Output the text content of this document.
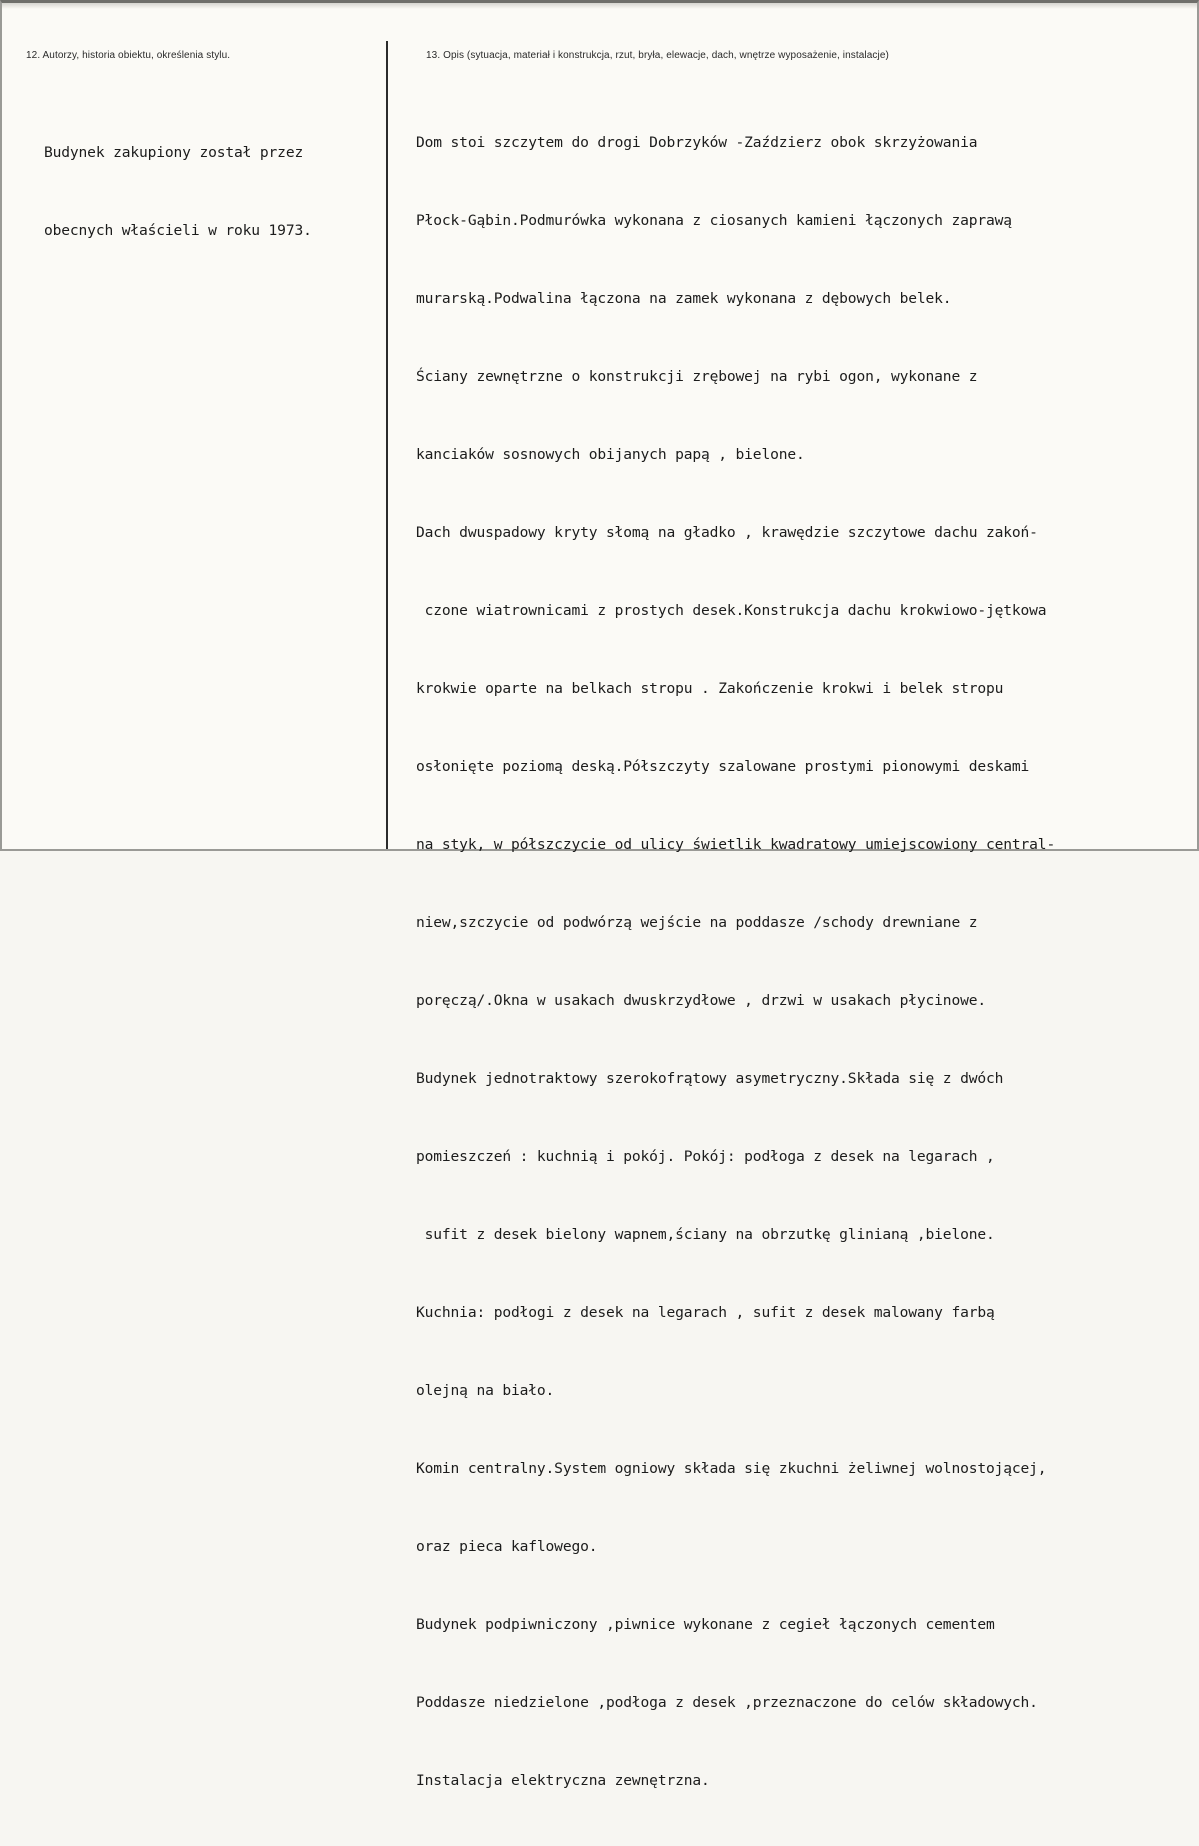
12. Autorzy, historia obiektu, określenia stylu.

Budynek zakupiony został przez

obecnych właścieli w roku 1973.

13. Opis (sytuacja, materiał i konstrukcja, rzut, bryła, elewacje, dach, wnętrze wyposażenie, instalacje)

Dom stoi szczytem do drogi Dobrzyków -Zaździerz obok skrzyżowania

Płock-Gąbin.Podmurówka wykonana z ciosanych kamieni łączonych zaprawą

murarską.Podwalina łączona na zamek wykonana z dębowych belek.

Ściany zewnętrzne o konstrukcji zrębowej na rybi ogon, wykonane z

kanciaków sosnowych obijanych papą , bielone.

Dach dwuspadowy kryty słomą na gładko , krawędzie szczytowe dachu zakoń-

czone wiatrownicami z prostych desek.Konstrukcja dachu krokwiowo-jętkowa

krokwie oparte na belkach stropu . Zakończenie krokwi i belek stropu

osłonięte poziomą deską.Półszczyty szalowane prostymi pionowymi deskami

na styk, w półszczycie od ulicy świetlik kwadratowy umiejscowiony central-

niew,szczycie od podwórzą wejście na poddasze /schody drewniane z

poręczą/.Okna w usakach dwuskrzydłowe , drzwi w usakach płycinowe.

Budynek jednotraktowy szerokofrątowy asymetryczny.Składa się z dwóch

pomieszczeń : kuchnią i pokój. Pokój: podłoga z desek na legarach ,

sufit z desek bielony wapnem,ściany na obrzutkę glinianą ,bielone.

Kuchnia: podłogi z desek na legarach , sufit z desek malowany farbą

olejną na biało.

Komin centralny.System ogniowy składa się zkuchni żeliwnej wolnostojącej,

oraz pieca kaflowego.

Budynek podpiwniczony ,piwnice wykonane z cegieł łączonych cementem

Poddasze niedzielone ,podłoga z desek ,przeznaczone do celów składowych.

Instalacja elektryczna zewnętrzna.
